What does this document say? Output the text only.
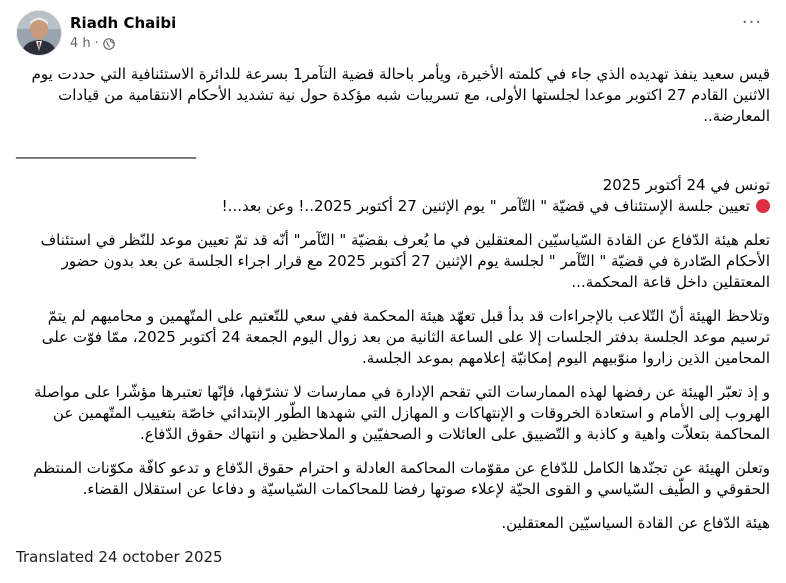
Riadh Chaibi
4 h ·
···

قيس سعيد ينفذ تهديده الذي جاء في كلمته الأخيرة، ويأمر باحالة قضية التآمر1 بسرعة للدائرة الاستئنافية التي حددت يوم الاثنين القادم 27 اكتوبر موعدا لجلستها الأولى، مع تسريبات شبه مؤكدة حول نية تشديد الأحكام الانتقامية من قيادات المعارضة..

________________________

تونس في 24 أكتوبر 2025

تعيين جلسة الإستئناف في قضيّة " التّآمر " يوم الإثنين 27 أكتوبر 2025..! وعن بعد...!

تعلم هيئة الدّفاع عن القادة السّياسيّين المعتقلين في ما يُعرف بقضيّة " التّآمر" أنّه قد تمّ تعيين موعد للنّظر في استئناف الأحكام الصّادرة في قضيّة " التّآمر " لجلسة يوم الإثنين 27 أكتوبر 2025 مع قرار اجراء الجلسة عن بعد بدون حضور المعتقلين داخل قاعة المحكمة...

وتلاحظ الهيئة أنّ التّلاعب بالإجراءات قد بدأ قبل تعهّد هيئة المحكمة ففي سعي للتّعتيم على المتّهمين و محاميهم لم يتمّ ترسيم موعد الجلسة بدفتر الجلسات إلا على الساعة الثانية من بعد زوال اليوم الجمعة 24 أكتوبر 2025، ممّا فوّت على المحامين الذين زاروا منوّبيهم اليوم إمكانيّة إعلامهم بموعد الجلسة.

و إذ تعبّر الهيئة عن رفضها لهذه الممارسات التي تقحم الإدارة في ممارسات لا تشرّفها، فإنّها تعتبرها مؤشّرا على مواصلة الهروب إلى الأمام و استعادة الخروقات و الإنتهاكات و المهازل التي شهدها الطّور الإبتدائي خاصّة بتغييب المتّهمين عن المحاكمة بتعلاّت واهية و كاذبة و التّضييق على العائلات و الصحفيّين و الملاحظين و انتهاك حقوق الدّفاع.

وتعلن الهيئة عن تجنّدها الكامل للدّفاع عن مقوّمات المحاكمة العادلة و احترام حقوق الدّفاع و تدعو كافّة مكوّنات المنتظم الحقوقي و الطّيف السّياسي و القوى الحيّة لإعلاء صوتها رفضا للمحاكمات السّياسيّة و دفاعا عن استقلال القضاء.

هيئة الدّفاع عن القادة السياسيّين المعتقلين.

Translated 24 october 2025
